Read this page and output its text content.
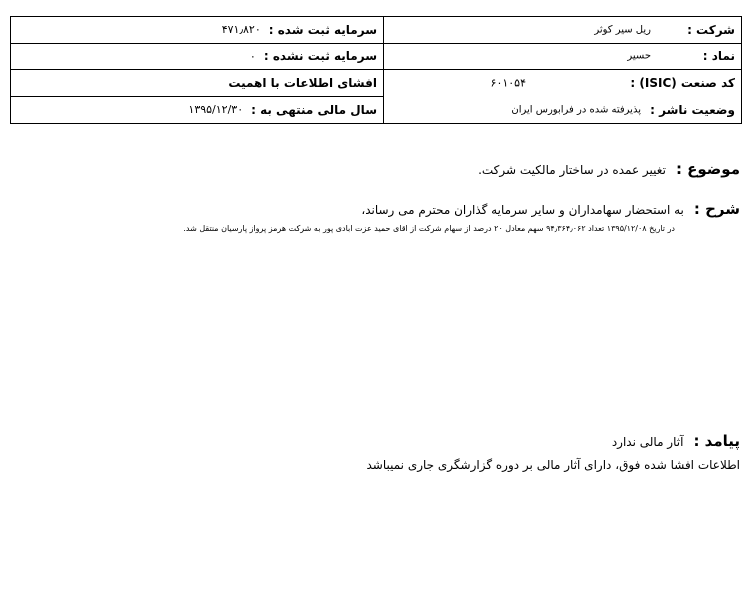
شرکت :
ریل سیر کوثر
نماد :
حسیر
کد صنعت (ISIC) :
۶۰۱۰۵۴
وضعیت ناشر :
پذیرفته شده در فرابورس ایران
سرمایه ثبت شده :
۴۷۱٫۸۲۰
سرمایه ثبت نشده :
۰
افشای اطلاعات با اهمیت
سال مالی منتهی به :
۱۳۹۵/۱۲/۳۰
موضوع :
تغییر عمده در ساختار مالکیت شرکت.
شرح :
به استحضار سهامداران و سایر سرمایه گذاران محترم می رساند،
در تاریخ ۱۳۹۵/۱۲/۰۸ تعداد ۹۴٫۳۶۴٫۰۶۲ سهم معادل ۲۰ درصد از سهام شرکت از اقای حمید عزت ابادی پور به شرکت هرمز پرواز پارسیان منتقل شد.
پیامد :
آثار مالی ندارد
اطلاعات افشا شده فوق، دارای آثار مالی بر دوره گزارشگری جاری نمیباشد
